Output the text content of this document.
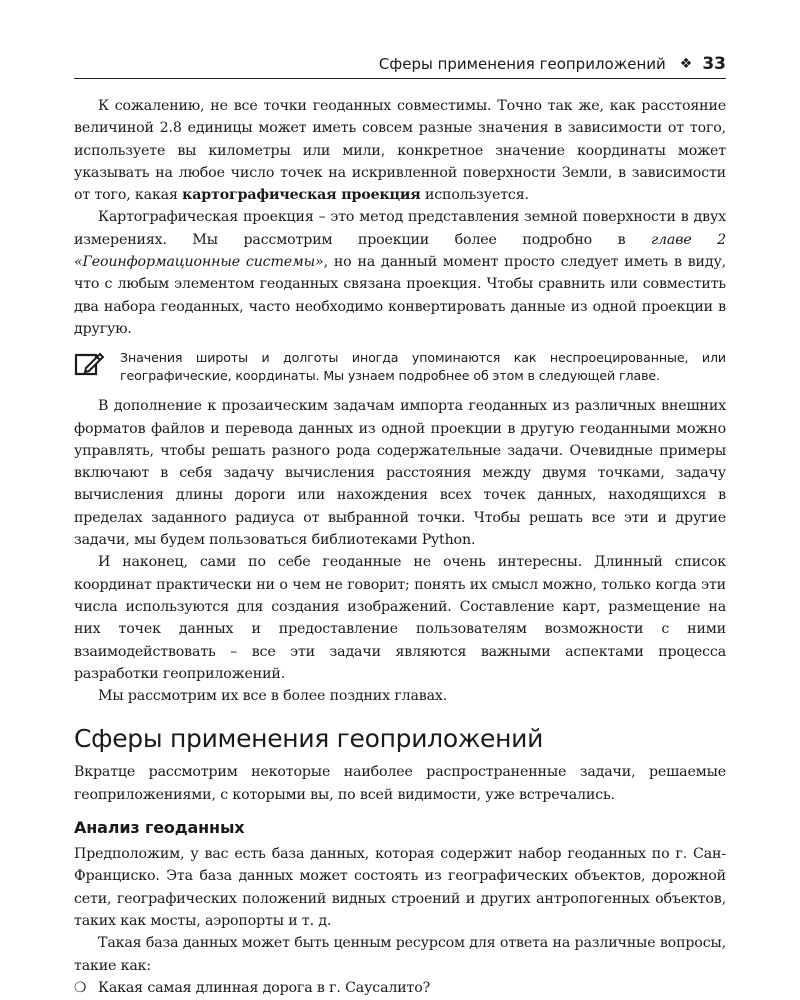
Сферы применения геоприложений ❖ 33

К сожалению, не все точки геоданных совместимы. Точно так же, как расстояние величиной 2.8 единицы может иметь совсем разные значения в зависимости от того, используете вы километры или мили, конкретное значение координаты может указывать на любое число точек на искривленной поверхности Земли, в зависимости от того, какая картографическая проекция используется.

Картографическая проекция – это метод представления земной поверхности в двух измерениях. Мы рассмотрим проекции более подробно в главе 2 «Геоинформационные системы», но на данный момент просто следует иметь в виду, что с любым элементом геоданных связана проекция. Чтобы сравнить или совместить два набора геоданных, часто необходимо конвертировать данные из одной проекции в другую.

Значения широты и долготы иногда упоминаются как неспроецированные, или географические, координаты. Мы узнаем подробнее об этом в следующей главе.

В дополнение к прозаическим задачам импорта геоданных из различных внешних форматов файлов и перевода данных из одной проекции в другую геоданными можно управлять, чтобы решать разного рода содержательные задачи. Очевидные примеры включают в себя задачу вычисления расстояния между двумя точками, задачу вычисления длины дороги или нахождения всех точек данных, находящихся в пределах заданного радиуса от выбранной точки. Чтобы решать все эти и другие задачи, мы будем пользоваться библиотеками Python.

И наконец, сами по себе геоданные не очень интересны. Длинный список координат практически ни о чем не говорит; понять их смысл можно, только когда эти числа используются для создания изображений. Составление карт, размещение на них точек данных и предоставление пользователям возможности с ними взаимодействовать – все эти задачи являются важными аспектами процесса разработки геоприложений.

Мы рассмотрим их все в более поздних главах.

Сферы применения геоприложений

Вкратце рассмотрим некоторые наиболее распространенные задачи, решаемые геоприложениями, с которыми вы, по всей видимости, уже встречались.

Анализ геоданных

Предположим, у вас есть база данных, которая содержит набор геоданных по г. Сан-Франциско. Эта база данных может состоять из географических объектов, дорожной сети, географических положений видных строений и других антропогенных объектов, таких как мосты, аэропорты и т. д.

Такая база данных может быть ценным ресурсом для ответа на различные вопросы, такие как:

❍ Какая самая длинная дорога в г. Саусалито?
